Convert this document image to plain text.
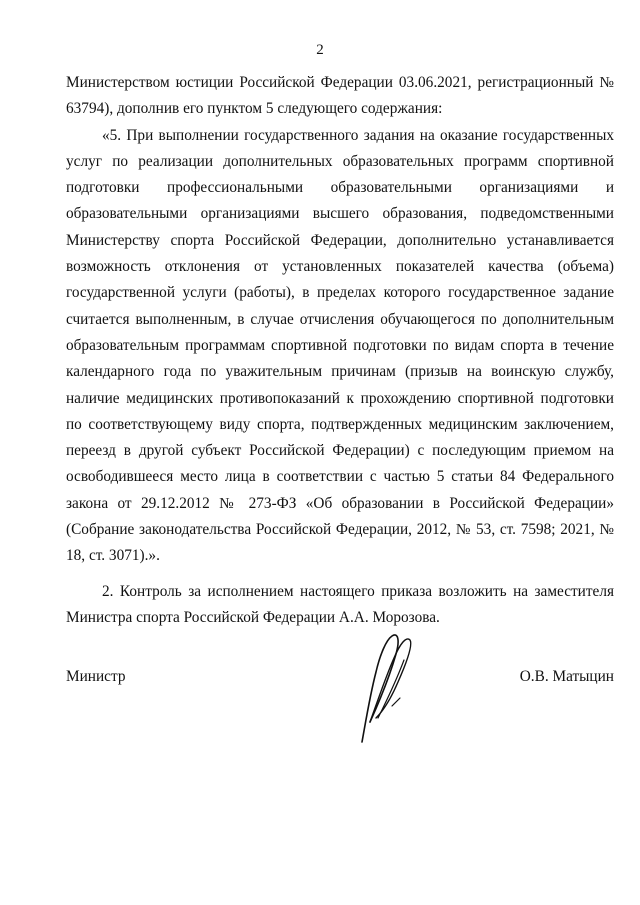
2

Министерством юстиции Российской Федерации 03.06.2021, регистрационный № 63794), дополнив его пунктом 5 следующего содержания:

«5. При выполнении государственного задания на оказание государственных услуг по реализации дополнительных образовательных программ спортивной подготовки профессиональными образовательными организациями и образовательными организациями высшего образования, подведомственными Министерству спорта Российской Федерации, дополнительно устанавливается возможность отклонения от установленных показателей качества (объема) государственной услуги (работы), в пределах которого государственное задание считается выполненным, в случае отчисления обучающегося по дополнительным образовательным программам спортивной подготовки по видам спорта в течение календарного года по уважительным причинам (призыв на воинскую службу, наличие медицинских противопоказаний к прохождению спортивной подготовки по соответствующему виду спорта, подтвержденных медицинским заключением, переезд в другой субъект Российской Федерации) с последующим приемом на освободившееся место лица в соответствии с частью 5 статьи 84 Федерального закона от 29.12.2012 № 273-ФЗ «Об образовании в Российской Федерации» (Собрание законодательства Российской Федерации, 2012, № 53, ст. 7598; 2021, № 18, ст. 3071).».

2. Контроль за исполнением настоящего приказа возложить на заместителя Министра спорта Российской Федерации А.А. Морозова.

Министр	О.В. Матыцин
